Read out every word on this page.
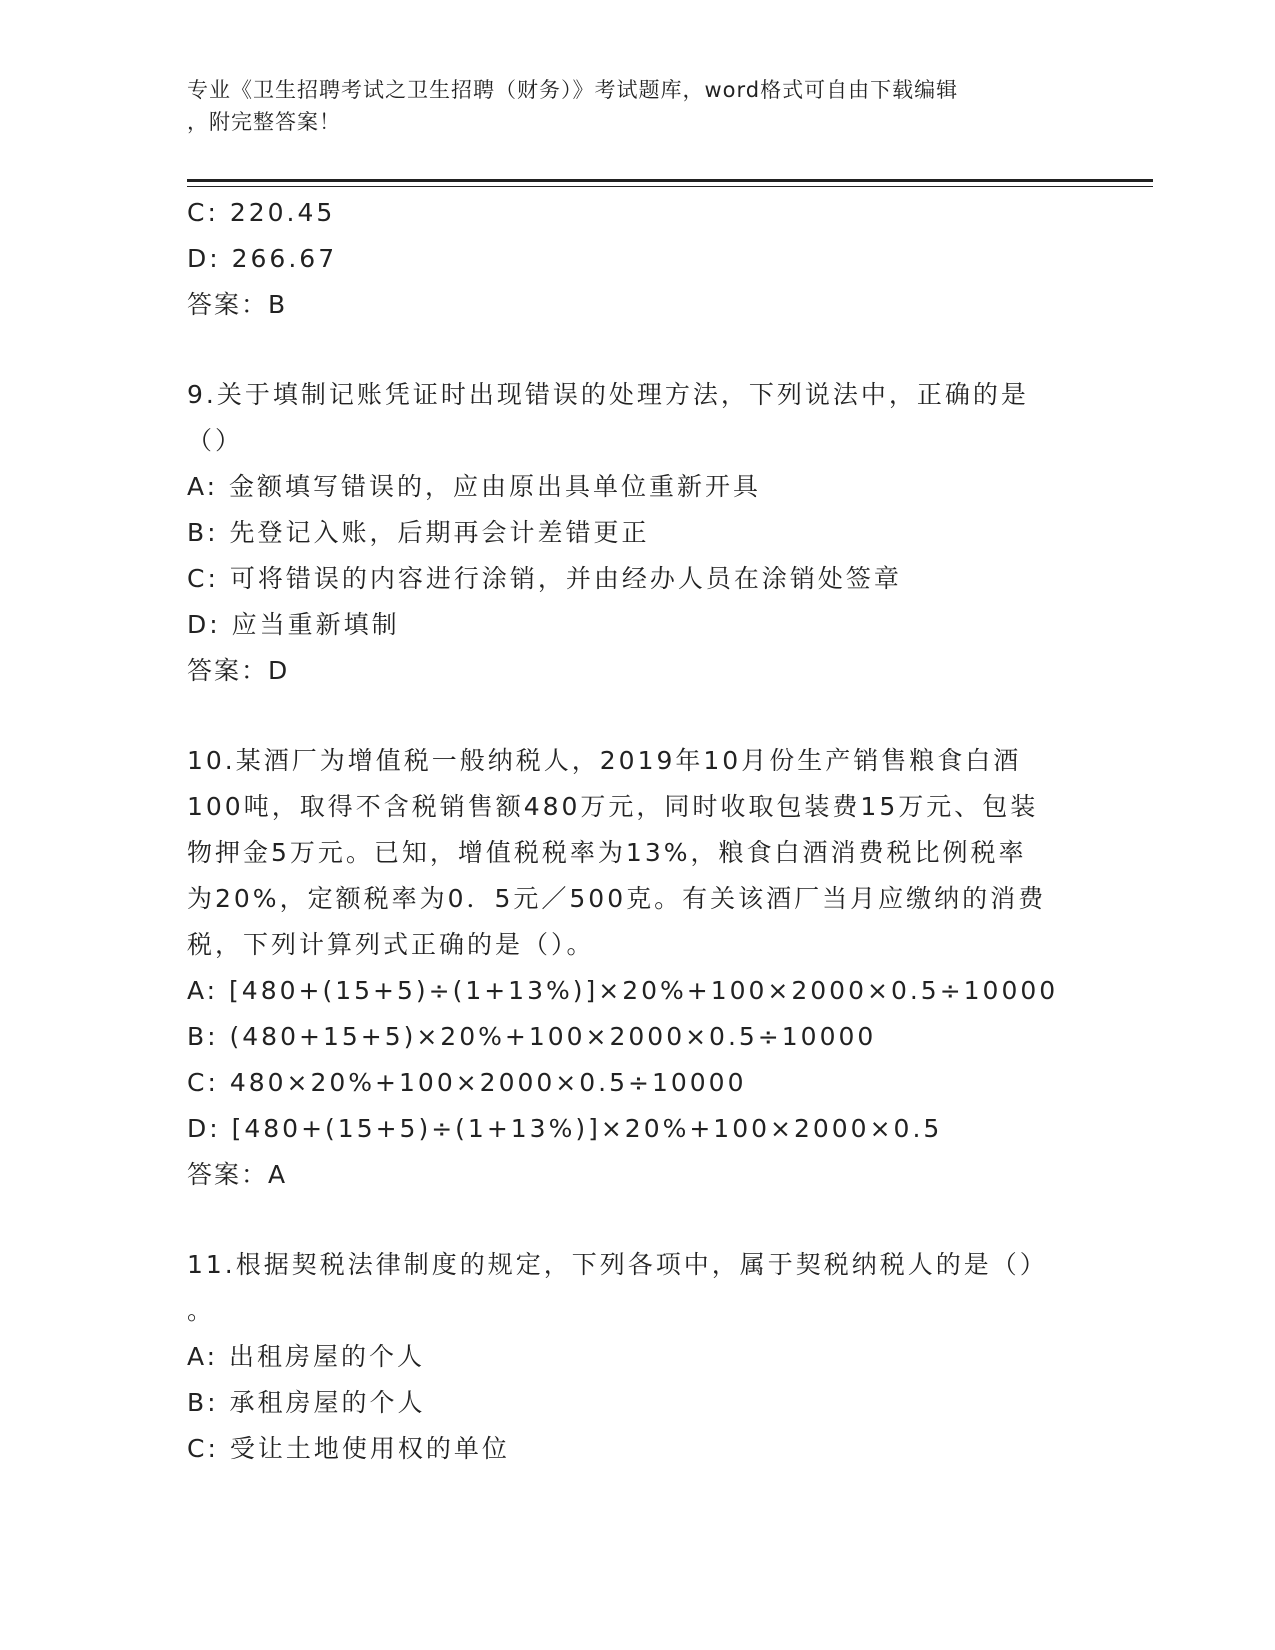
专业《卫生招聘考试之卫生招聘（财务）》考试题库，word格式可自由下载编辑
，附完整答案！
C: 220.45
D: 266.67
答案：B
9.关于填制记账凭证时出现错误的处理方法，下列说法中，正确的是
（）
A: 金额填写错误的，应由原出具单位重新开具
B: 先登记入账，后期再会计差错更正
C: 可将错误的内容进行涂销，并由经办人员在涂销处签章
D: 应当重新填制
答案：D
10.某酒厂为增值税一般纳税人，2019年10月份生产销售粮食白酒
100吨，取得不含税销售额480万元，同时收取包装费15万元、包装
物押金5万元。已知，增值税税率为13%，粮食白酒消费税比例税率
为20%，定额税率为0．5元／500克。有关该酒厂当月应缴纳的消费
税，下列计算列式正确的是（）。
A: [480+(15+5)÷(1+13%)]×20%+100×2000×0.5÷10000
B: (480+15+5)×20%+100×2000×0.5÷10000
C: 480×20%+100×2000×0.5÷10000
D: [480+(15+5)÷(1+13%)]×20%+100×2000×0.5
答案：A
11.根据契税法律制度的规定，下列各项中，属于契税纳税人的是（）
。
A: 出租房屋的个人
B: 承租房屋的个人
C: 受让土地使用权的单位
